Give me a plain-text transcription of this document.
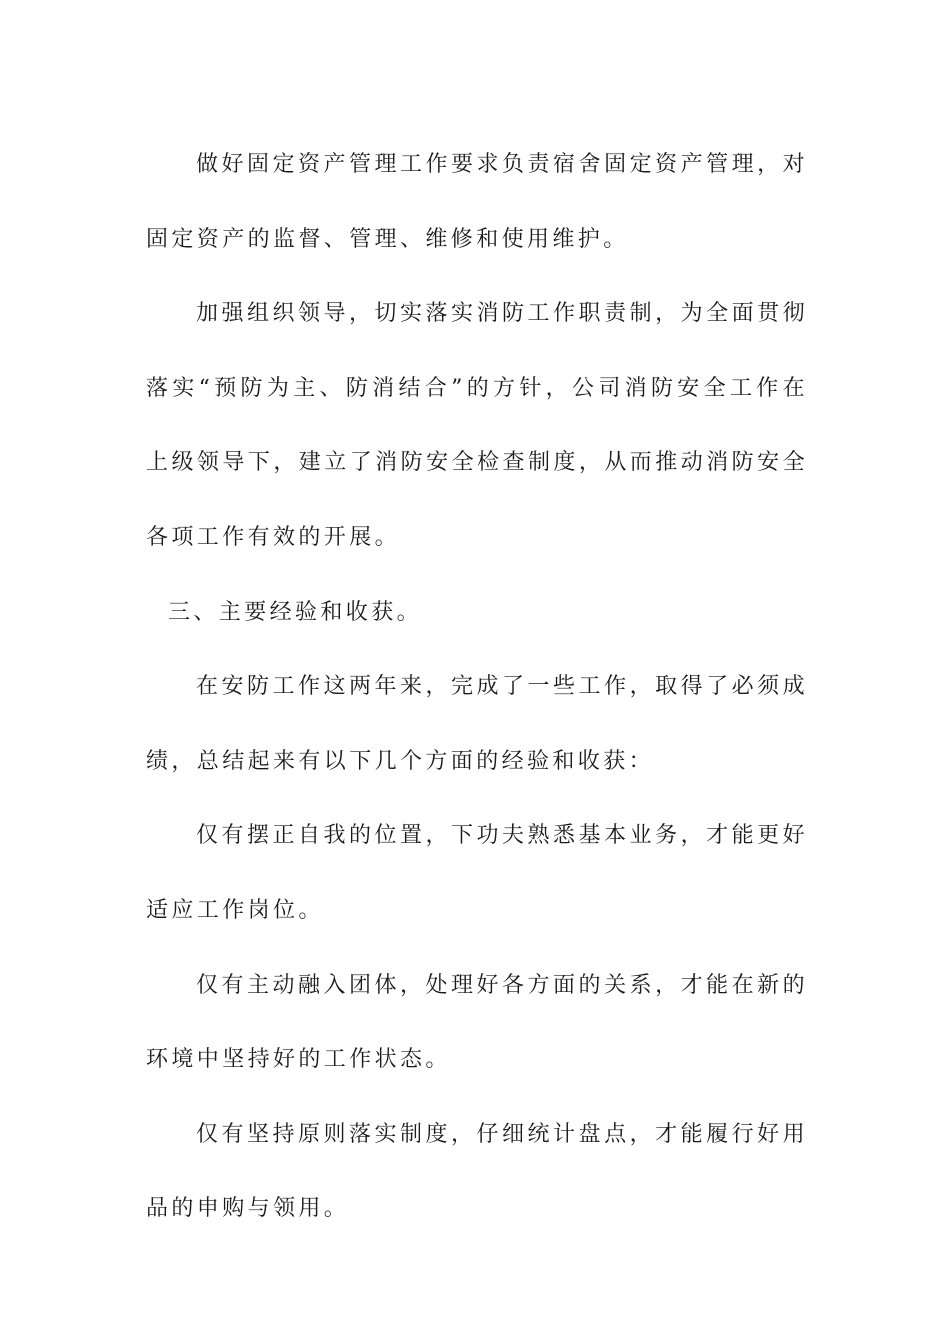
做好固定资产管理工作要求负责宿舍固定资产管理，对固定资产的监督、管理、维修和使用维护。

加强组织领导，切实落实消防工作职责制，为全面贯彻落实“预防为主、防消结合”的方针，公司消防安全工作在上级领导下，建立了消防安全检查制度，从而推动消防安全各项工作有效的开展。

三、主要经验和收获。

在安防工作这两年来，完成了一些工作，取得了必须成绩，总结起来有以下几个方面的经验和收获：

仅有摆正自我的位置，下功夫熟悉基本业务，才能更好适应工作岗位。

仅有主动融入团体，处理好各方面的关系，才能在新的环境中坚持好的工作状态。

仅有坚持原则落实制度，仔细统计盘点，才能履行好用品的申购与领用。
